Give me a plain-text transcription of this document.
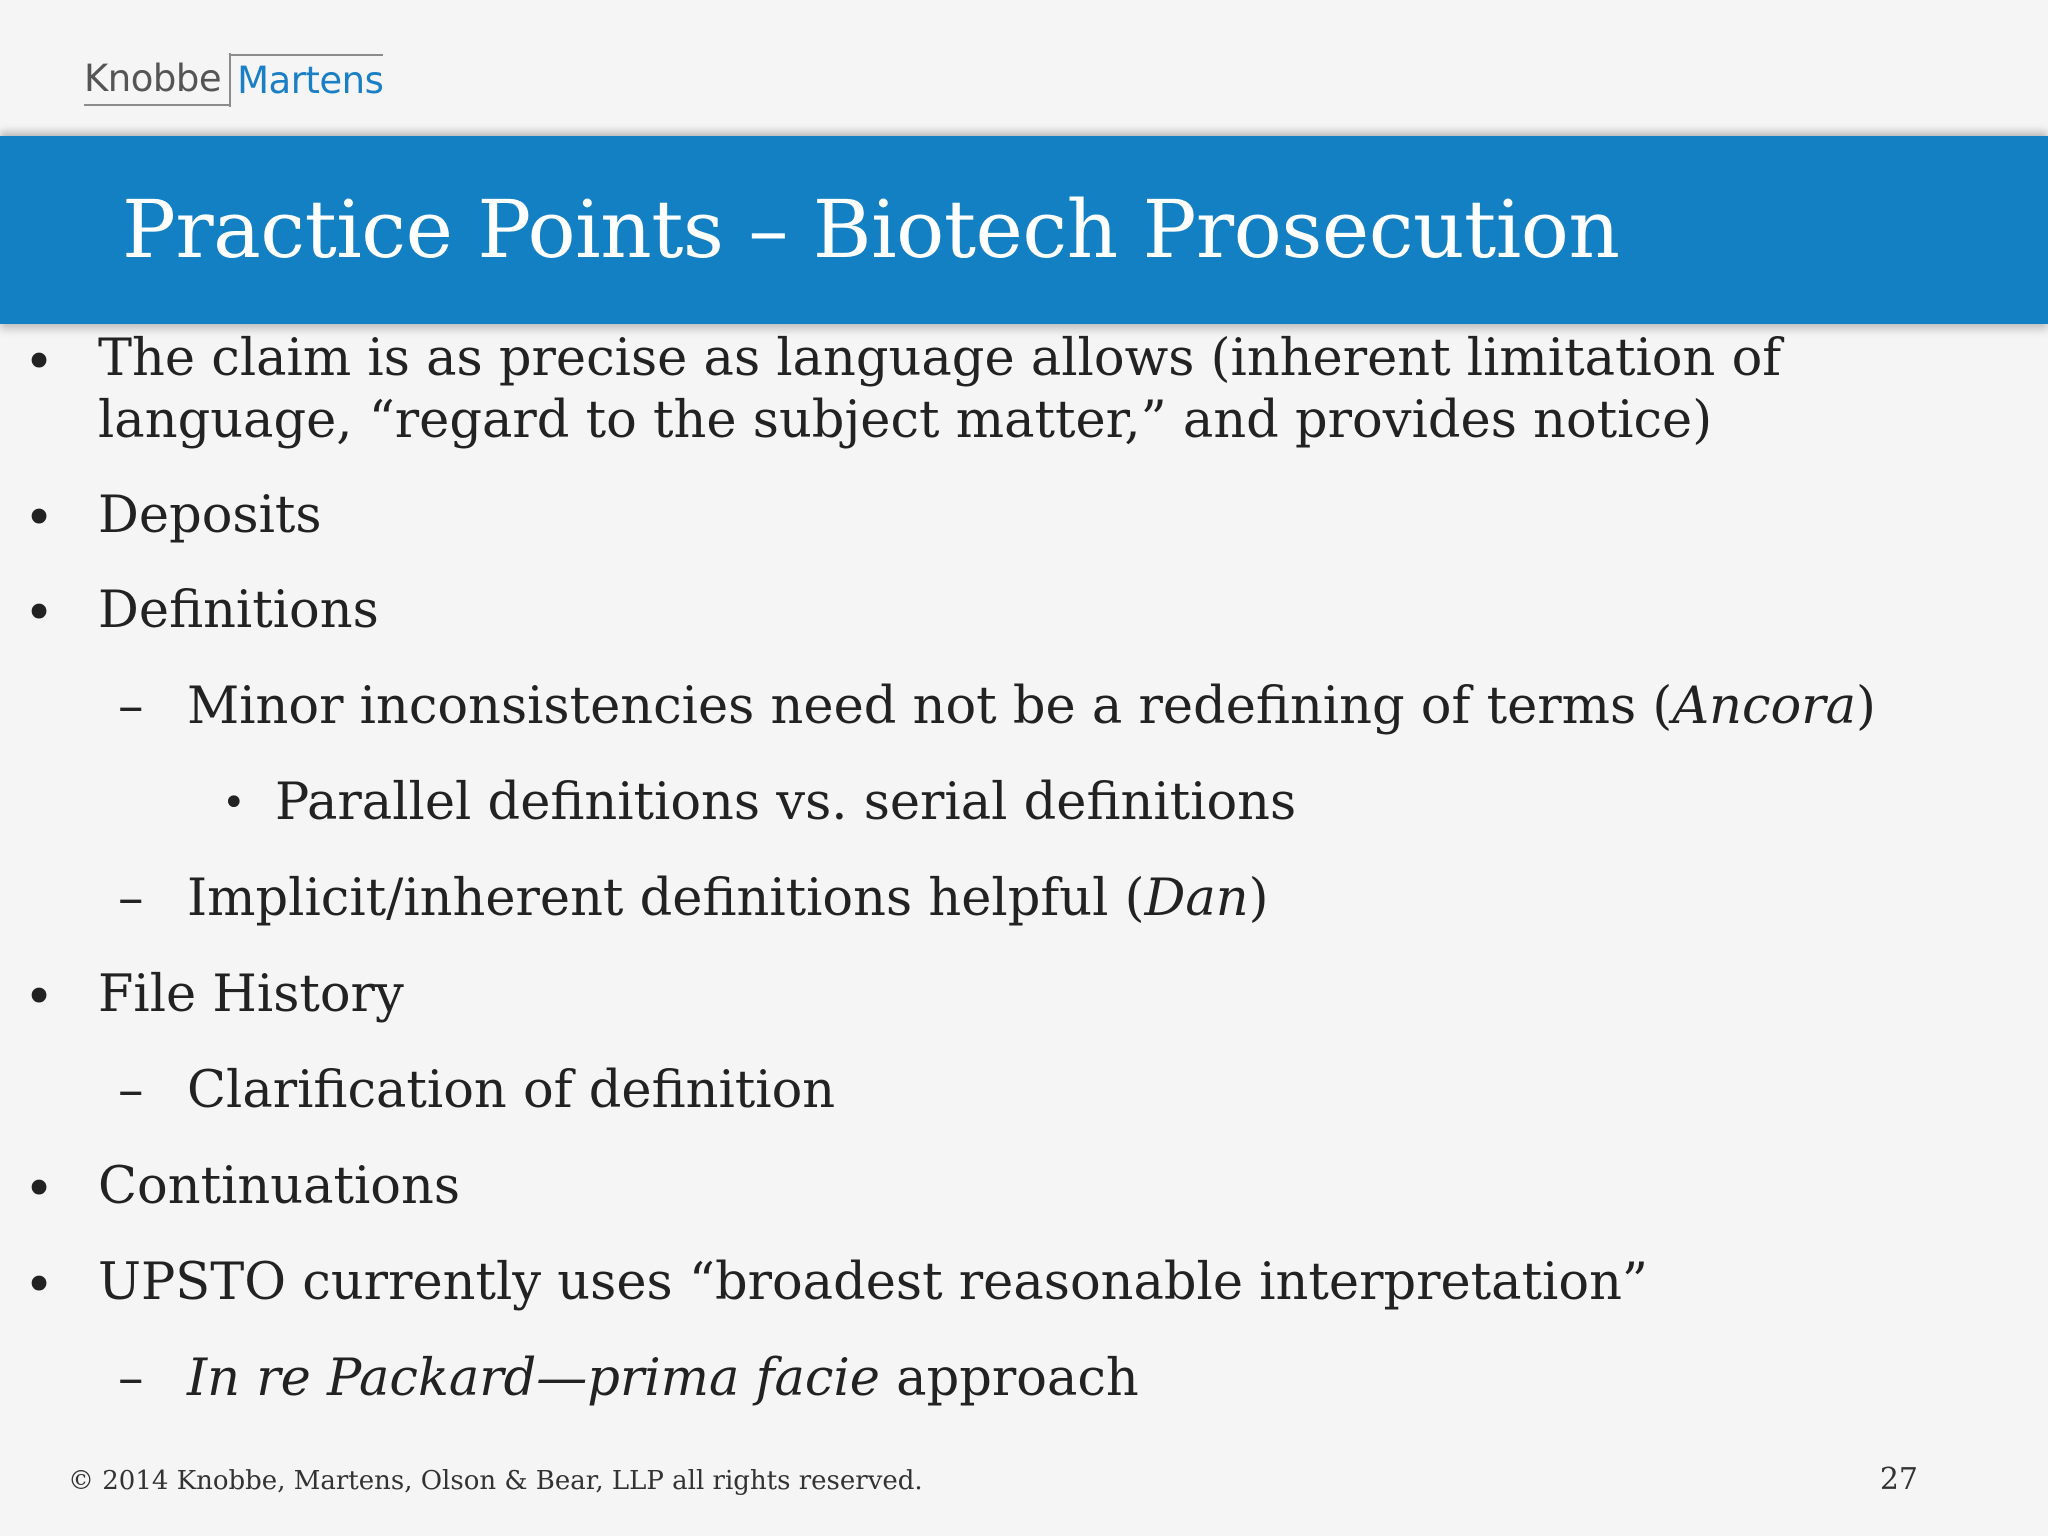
Knobbe Martens
Practice Points – Biotech Prosecution
• The claim is as precise as language allows (inherent limitation of
language, “regard to the subject matter,” and provides notice)
• Deposits
• Definitions
– Minor inconsistencies need not be a redefining of terms (Ancora)
• Parallel definitions vs. serial definitions
– Implicit/inherent definitions helpful (Dan)
• File History
– Clarification of definition
• Continuations
• UPSTO currently uses “broadest reasonable interpretation”
– In re Packard—prima facie approach
© 2014 Knobbe, Martens, Olson & Bear, LLP all rights reserved.	27
